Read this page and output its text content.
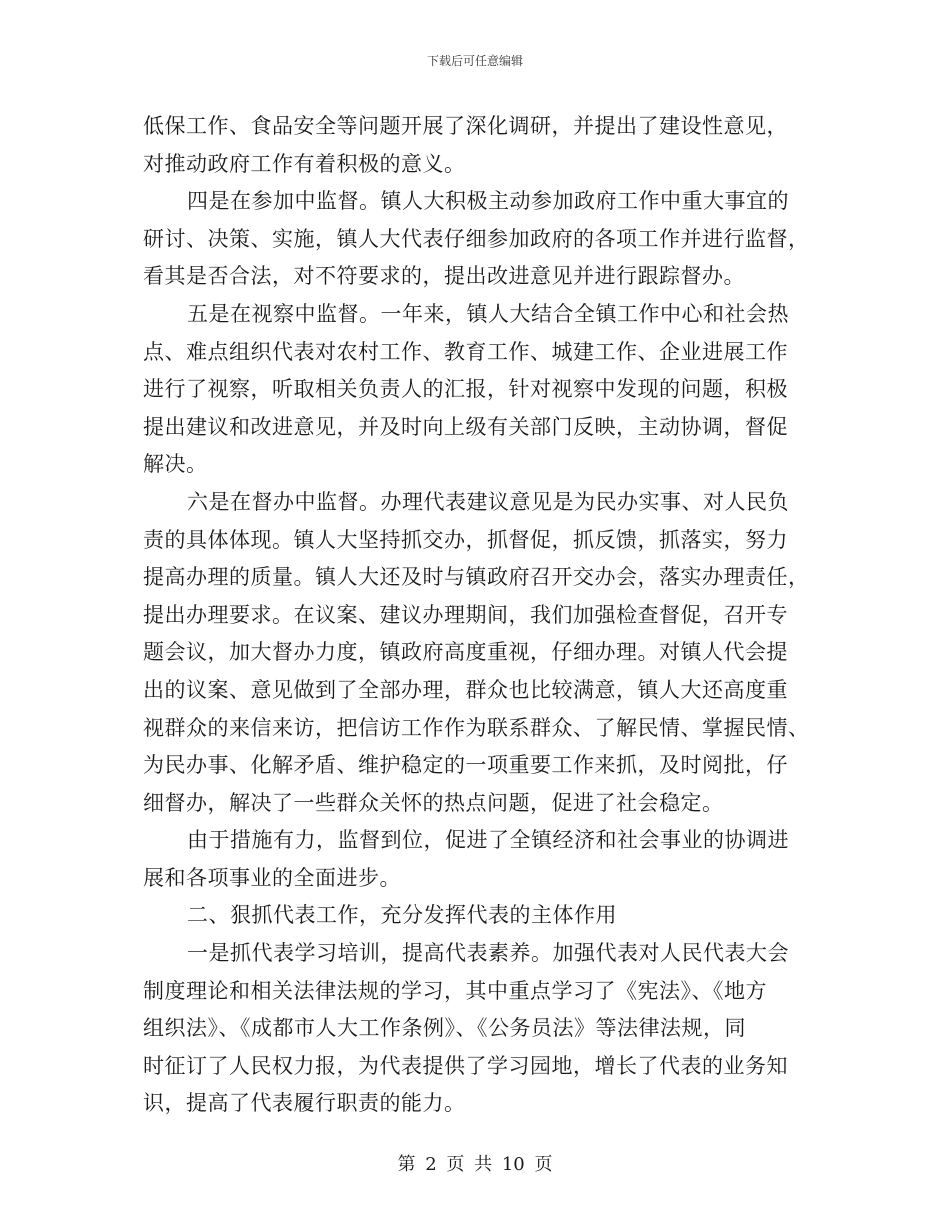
下载后可任意编辑
低保工作、食品安全等问题开展了深化调研，并提出了建设性意见，
对推动政府工作有着积极的意义。
四是在参加中监督。镇人大积极主动参加政府工作中重大事宜的
研讨、决策、实施，镇人大代表仔细参加政府的各项工作并进行监督，
看其是否合法，对不符要求的，提出改进意见并进行跟踪督办。
五是在视察中监督。一年来，镇人大结合全镇工作中心和社会热
点、难点组织代表对农村工作、教育工作、城建工作、企业进展工作
进行了视察，听取相关负责人的汇报，针对视察中发现的问题，积极
提出建议和改进意见，并及时向上级有关部门反映，主动协调，督促
解决。
六是在督办中监督。办理代表建议意见是为民办实事、对人民负
责的具体体现。镇人大坚持抓交办，抓督促，抓反馈，抓落实，努力
提高办理的质量。镇人大还及时与镇政府召开交办会，落实办理责任，
提出办理要求。在议案、建议办理期间，我们加强检查督促，召开专
题会议，加大督办力度，镇政府高度重视，仔细办理。对镇人代会提
出的议案、意见做到了全部办理，群众也比较满意，镇人大还高度重
视群众的来信来访，把信访工作作为联系群众、了解民情、掌握民情、
为民办事、化解矛盾、维护稳定的一项重要工作来抓，及时阅批，仔
细督办，解决了一些群众关怀的热点问题，促进了社会稳定。
由于措施有力，监督到位，促进了全镇经济和社会事业的协调进
展和各项事业的全面进步。
二、狠抓代表工作，充分发挥代表的主体作用
一是抓代表学习培训，提高代表素养。加强代表对人民代表大会
制度理论和相关法律法规的学习，其中重点学习了《宪法》、《地方
组织法》、《成都市人大工作条例》、《公务员法》等法律法规，同
时征订了人民权力报，为代表提供了学习园地，增长了代表的业务知
识，提高了代表履行职责的能力。
第 2 页 共 10 页
